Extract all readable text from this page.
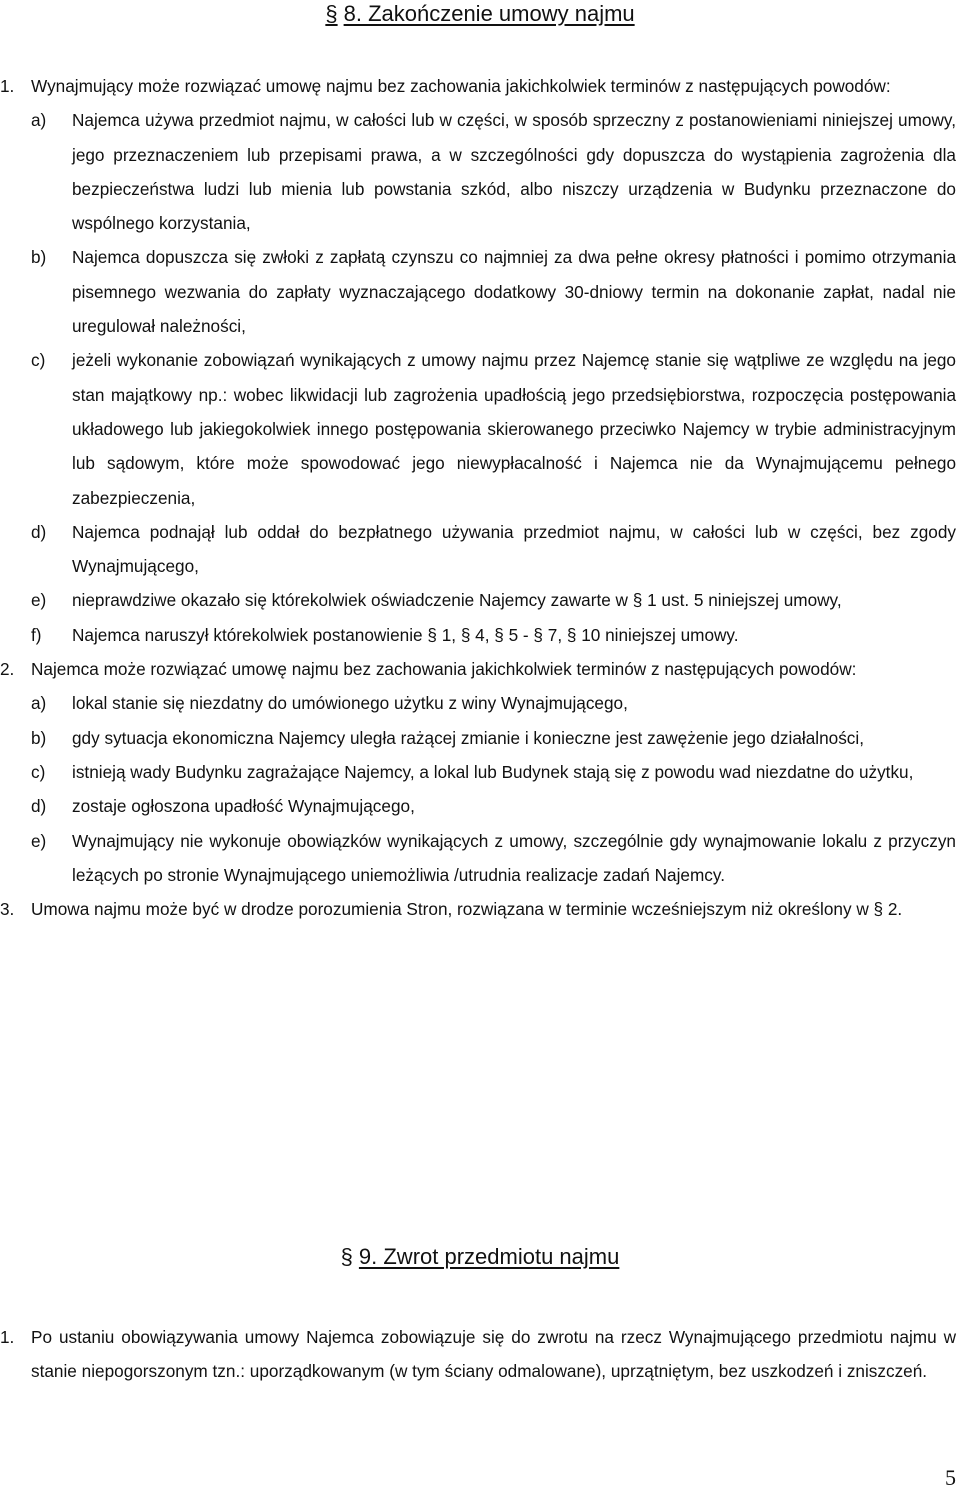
§ 8. Zakończenie umowy najmu
1. Wynajmujący może rozwiązać umowę najmu bez zachowania jakichkolwiek terminów z następujących powodów:
a) Najemca używa przedmiot najmu, w całości lub w części, w sposób sprzeczny z postanowieniami niniejszej umowy, jego przeznaczeniem lub przepisami prawa, a w szczególności gdy dopuszcza do wystąpienia zagrożenia dla bezpieczeństwa ludzi lub mienia lub powstania szkód, albo niszczy urządzenia w Budynku przeznaczone do wspólnego korzystania,
b) Najemca dopuszcza się zwłoki z zapłatą czynszu co najmniej za dwa pełne okresy płatności i pomimo otrzymania pisemnego wezwania do zapłaty wyznaczającego dodatkowy 30-dniowy termin na dokonanie zapłat, nadal nie uregulował należności,
c) jeżeli wykonanie zobowiązań wynikających z umowy najmu przez Najemcę stanie się wątpliwe ze względu na jego stan majątkowy np.: wobec likwidacji lub zagrożenia upadłością jego przedsiębiorstwa, rozpoczęcia postępowania układowego lub jakiegokolwiek innego postępowania skierowanego przeciwko Najemcy w trybie administracyjnym lub sądowym, które może spowodować jego niewypłacalność i Najemca nie da Wynajmującemu pełnego zabezpieczenia,
d) Najemca podnajął lub oddał do bezpłatnego używania przedmiot najmu, w całości lub w części, bez zgody Wynajmującego,
e) nieprawdziwe okazało się którekolwiek oświadczenie Najemcy zawarte w § 1 ust. 5 niniejszej umowy,
f) Najemca naruszył którekolwiek postanowienie § 1, § 4, § 5 - § 7, § 10 niniejszej umowy.
2. Najemca może rozwiązać umowę najmu bez zachowania jakichkolwiek terminów z następujących powodów:
a) lokal stanie się niezdatny do umówionego użytku z winy Wynajmującego,
b) gdy sytuacja ekonomiczna Najemcy uległa rażącej zmianie i konieczne jest zawężenie jego działalności,
c) istnieją wady Budynku zagrażające Najemcy, a lokal lub Budynek stają się z powodu wad niezdatne do użytku,
d) zostaje ogłoszona upadłość Wynajmującego,
e) Wynajmujący nie wykonuje obowiązków wynikających z umowy, szczególnie gdy wynajmowanie lokalu z przyczyn leżących po stronie Wynajmującego uniemożliwia /utrudnia realizacje zadań Najemcy.
3. Umowa najmu może być w drodze porozumienia Stron, rozwiązana w terminie wcześniejszym niż określony w § 2.
§ 9. Zwrot przedmiotu najmu
1. Po ustaniu obowiązywania umowy Najemca zobowiązuje się do zwrotu na rzecz Wynajmującego przedmiotu najmu w stanie niepogorszonym tzn.: uporządkowanym (w tym ściany odmalowane), uprzątniętym, bez uszkodzeń i zniszczeń.
5
